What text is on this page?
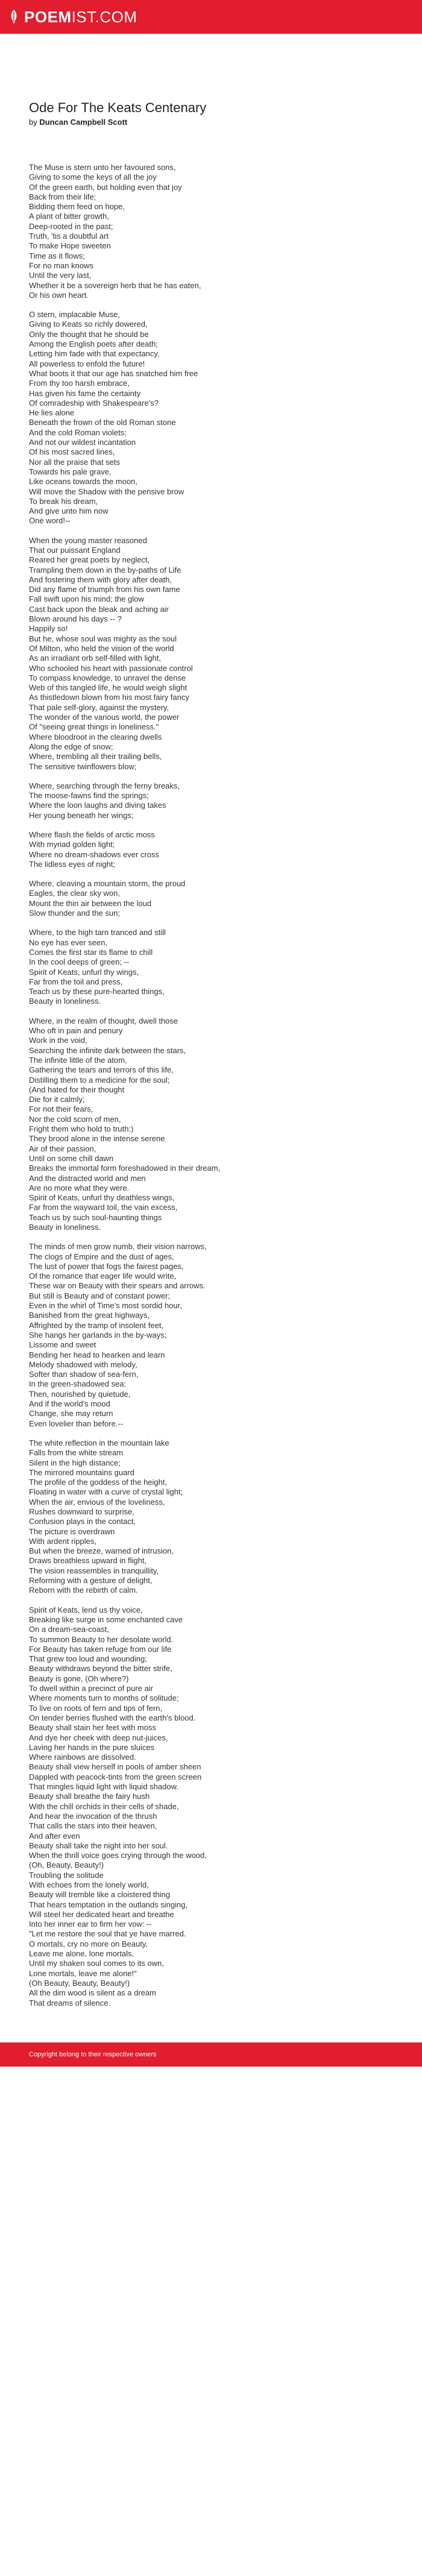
POEMIST.COM
Ode For The Keats Centenary
by Duncan Campbell Scott

The Muse is stern unto her favoured sons,
Giving to some the keys of all the joy
Of the green earth, but holding even that joy
Back from their life;
Bidding them feed on hope,
A plant of bitter growth,
Deep-rooted in the past;
Truth, 'tis a doubtful art
To make Hope sweeten
Time as it flows;
For no man knows
Until the very last,
Whether it be a sovereign herb that he has eaten,
Or his own heart.

O stern, implacable Muse,
Giving to Keats so richly dowered,
Only the thought that he should be
Among the English poets after death;
Letting him fade with that expectancy,
All powerless to enfold the future!
What boots it that our age has snatched him free
From thy too harsh embrace,
Has given his fame the certainty
Of comradeship with Shakespeare's?
He lies alone
Beneath the frown of the old Roman stone
And the cold Roman violets;
And not our wildest incantation
Of his most sacred lines,
Nor all the praise that sets
Towards his pale grave,
Like oceans towards the moon,
Will move the Shadow with the pensive brow
To break his dream,
And give unto him now
One word!--

When the young master reasoned
That our puissant England
Reared her great poets by neglect,
Trampling them down in the by-paths of Life
And fostering them with glory after death,
Did any flame of triumph from his own fame
Fall swift upon his mind; the glow
Cast back upon the bleak and aching air
Blown around his days -- ?
Happily so!
But he, whose soul was mighty as the soul
Of Milton, who held the vision of the world
As an irradiant orb self-filled with light,
Who schooled his heart with passionate control
To compass knowledge, to unravel the dense
Web of this tangled life, he would weigh slight
As thistledown blown from his most fairy fancy
That pale self-glory, against the mystery,
The wonder of the various world, the power
Of "seeing great things in loneliness."
Where bloodroot in the clearing dwells
Along the edge of snow;
Where, trembling all their trailing bells,
The sensitive twinflowers blow;

Where, searching through the ferny breaks,
The moose-fawns find the springs;
Where the loon laughs and diving takes
Her young beneath her wings;

Where flash the fields of arctic moss
With myriad golden light;
Where no dream-shadows ever cross
The lidless eyes of night;

Where, cleaving a mountain storm, the proud
Eagles, the clear sky won,
Mount the thin air between the loud
Slow thunder and the sun;

Where, to the high tarn tranced and still
No eye has ever seen,
Comes the first star its flame to chill
In the cool deeps of green; --
Spirit of Keats, unfurl thy wings,
Far from the toil and press,
Teach us by these pure-hearted things,
Beauty in loneliness.

Where, in the realm of thought, dwell those
Who oft in pain and penury
Work in the void,
Searching the infinite dark between the stars,
The infinite little of the atom,
Gathering the tears and terrors of this life,
Distilling them to a medicine for the soul;
(And hated for their thought
Die for it calmly;
For not their fears,
Nor the cold scorn of men,
Fright them who hold to truth:)
They brood alone in the intense serene
Air of their passion,
Until on some chill dawn
Breaks the immortal form foreshadowed in their dream,
And the distracted world and men
Are no more what they were.
Spirit of Keats, unfurl thy deathless wings,
Far from the wayward toil, the vain excess,
Teach us by such soul-haunting things
Beauty in loneliness.

The minds of men grow numb, their vision narrows,
The clogs of Empire and the dust of ages,
The lust of power that fogs the fairest pages,
Of the romance that eager life would write,
These war on Beauty with their spears and arrows.
But still is Beauty and of constant power;
Even in the whirl of Time's most sordid hour,
Banished from the great highways,
Affrighted by the tramp of insolent feet,
She hangs her garlands in the by-ways;
Lissome and sweet
Bending her head to hearken and learn
Melody shadowed with melody,
Softer than shadow of sea-fern,
In the green-shadowed sea:
Then, nourished by quietude,
And if the world's mood
Change, she may return
Even lovelier than before.--

The white reflection in the mountain lake
Falls from the white stream
Silent in the high distance;
The mirrored mountains guard
The profile of the goddess of the height,
Floating in water with a curve of crystal light;
When the air, envious of the loveliness,
Rushes downward to surprise,
Confusion plays in the contact,
The picture is overdrawn
With ardent ripples,
But when the breeze, warned of intrusion,
Draws breathless upward in flight,
The vision reassembles in tranquillity,
Reforming with a gesture of delight,
Reborn with the rebirth of calm.

Spirit of Keats, lend us thy voice,
Breaking like surge in some enchanted cave
On a dream-sea-coast,
To summon Beauty to her desolate world.
For Beauty has taken refuge from our life
That grew too loud and wounding;
Beauty withdraws beyond the bitter strife,
Beauty is gone, (Oh where?)
To dwell within a precinct of pure air
Where moments turn to months of solitude;
To live on roots of fern and tips of fern,
On tender berries flushed with the earth's blood.
Beauty shall stain her feet with moss
And dye her cheek with deep nut-juices,
Laving her hands in the pure sluices
Where rainbows are dissolved.
Beauty shall view herself in pools of amber sheen
Dappled with peacock-tints from the green screen
That mingles liquid light with liquid shadow.
Beauty shall breathe the fairy hush
With the chill orchids in their cells of shade,
And hear the invocation of the thrush
That calls the stars into their heaven,
And after even
Beauty shall take the night into her soul.
When the thrill voice goes crying through the wood,
(Oh, Beauty, Beauty!)
Troubling the solitude
With echoes from the lonely world,
Beauty will tremble like a cloistered thing
That hears temptation in the outlands singing,
Will steel her dedicated heart and breathe
Into her inner ear to firm her vow: --
"Let me restore the soul that ye have marred.
O mortals, cry no more on Beauty,
Leave me alone, lone mortals,
Until my shaken soul comes to its own,
Lone mortals, leave me alone!"
(Oh Beauty, Beauty, Beauty!)
All the dim wood is silent as a dream
That dreams of silence.

Copyright belong to their respective owners
